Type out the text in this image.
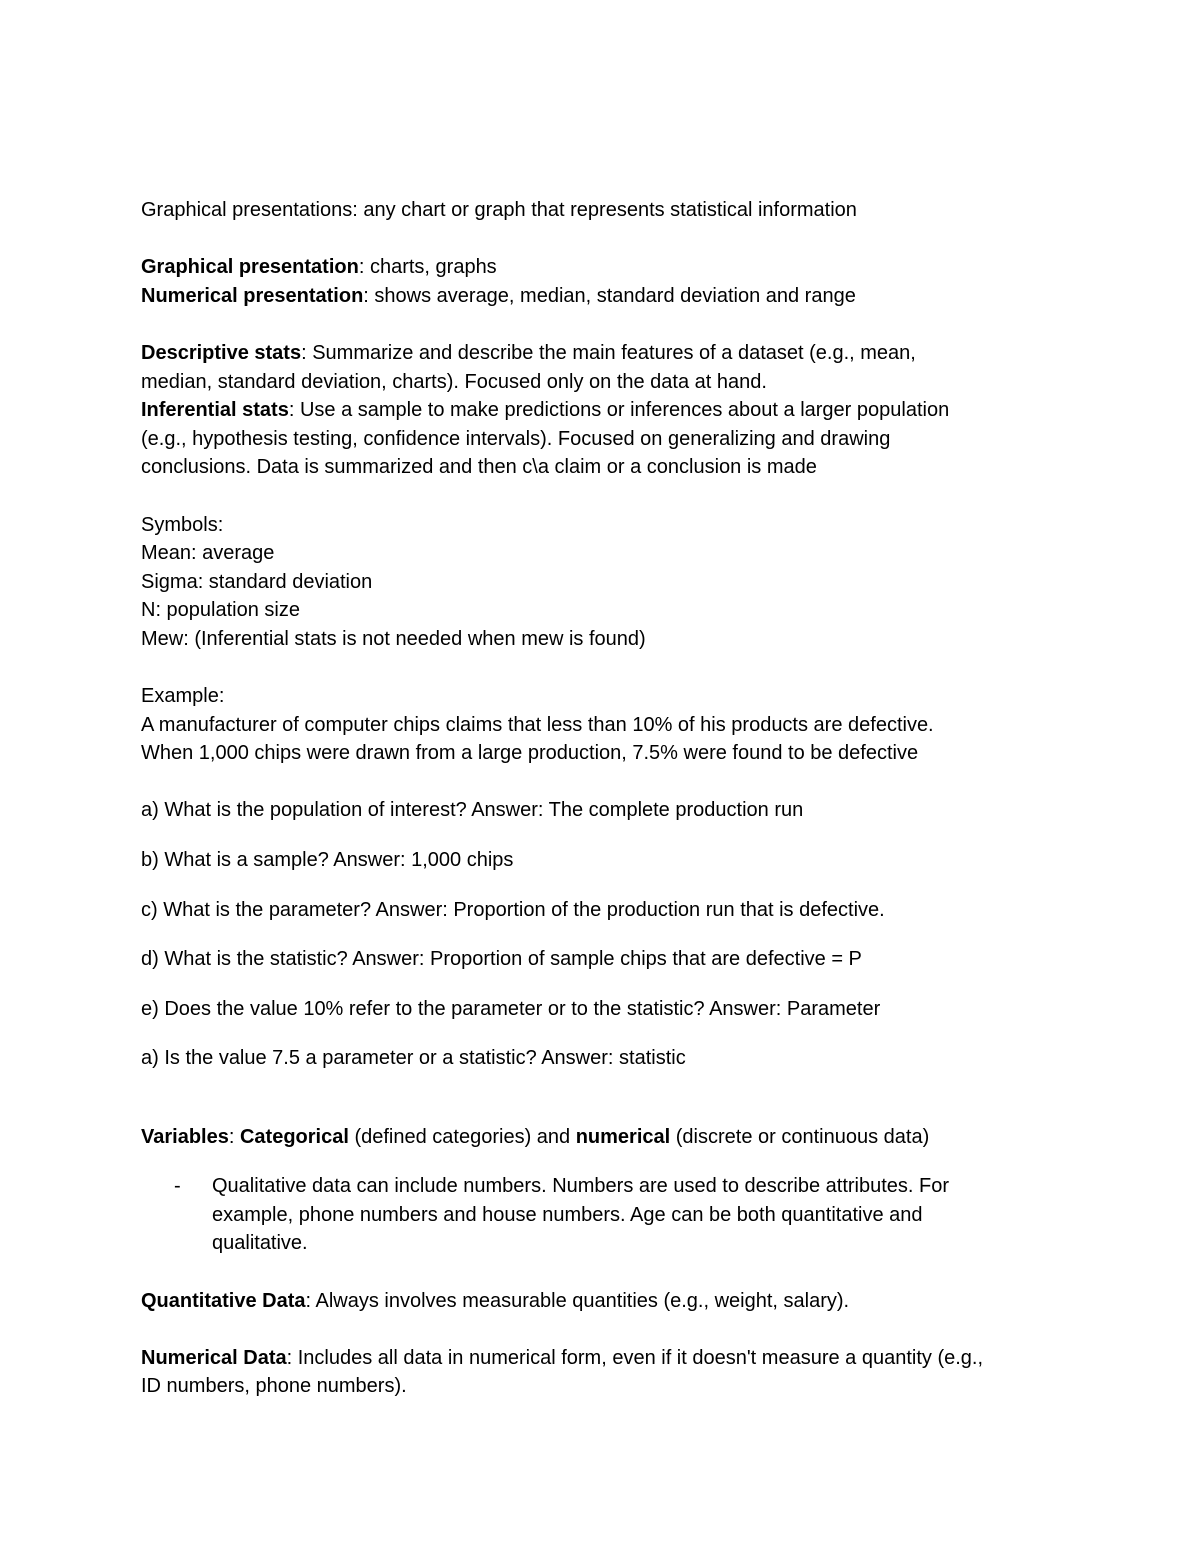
Graphical presentations: any chart or graph that represents statistical information

Graphical presentation: charts, graphs

Numerical presentation: shows average, median, standard deviation and range

Descriptive stats: Summarize and describe the main features of a dataset (e.g., mean,

median, standard deviation, charts). Focused only on the data at hand.

Inferential stats: Use a sample to make predictions or inferences about a larger population

(e.g., hypothesis testing, confidence intervals). Focused on generalizing and drawing

conclusions. Data is summarized and then c\a claim or a conclusion is made

Symbols:

Mean: average

Sigma: standard deviation

N: population size

Mew: (Inferential stats is not needed when mew is found)

Example:

A manufacturer of computer chips claims that less than 10% of his products are defective.

When 1,000 chips were drawn from a large production, 7.5% were found to be defective

a) What is the population of interest? Answer: The complete production run

b) What is a sample? Answer: 1,000 chips

c) What is the parameter? Answer: Proportion of the production run that is defective.

d) What is the statistic? Answer: Proportion of sample chips that are defective = P

e) Does the value 10% refer to the parameter or to the statistic? Answer: Parameter

a) Is the value 7.5 a parameter or a statistic? Answer: statistic

Variables: Categorical (defined categories) and numerical (discrete or continuous data)

- Qualitative data can include numbers. Numbers are used to describe attributes. For

example, phone numbers and house numbers. Age can be both quantitative and

qualitative.

Quantitative Data: Always involves measurable quantities (e.g., weight, salary).

Numerical Data: Includes all data in numerical form, even if it doesn't measure a quantity (e.g.,

ID numbers, phone numbers).
